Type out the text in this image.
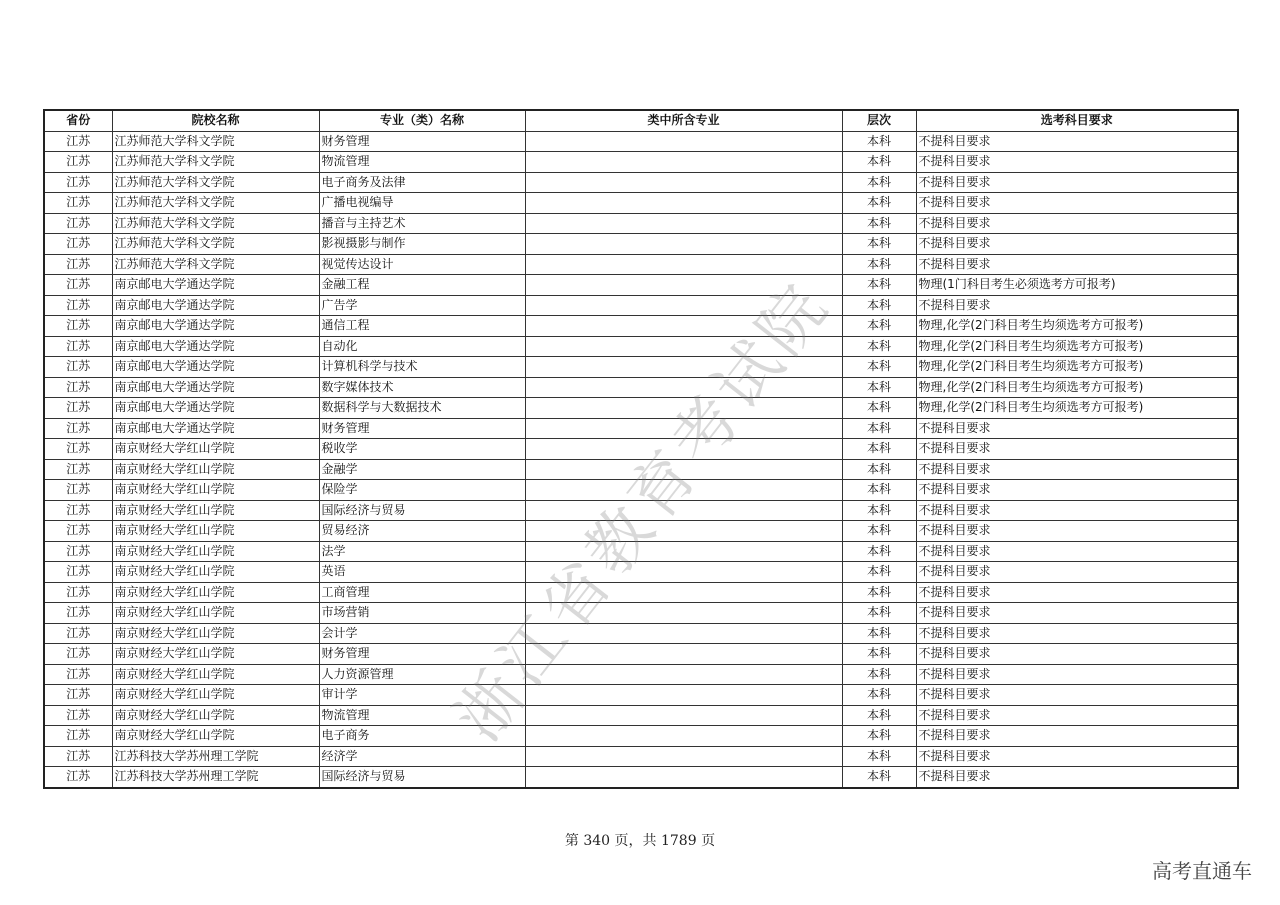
省份	院校名称	专业（类）名称	类中所含专业	层次	选考科目要求
江苏	江苏师范大学科文学院	财务管理		本科	不提科目要求
江苏	江苏师范大学科文学院	物流管理		本科	不提科目要求
江苏	江苏师范大学科文学院	电子商务及法律		本科	不提科目要求
江苏	江苏师范大学科文学院	广播电视编导		本科	不提科目要求
江苏	江苏师范大学科文学院	播音与主持艺术		本科	不提科目要求
江苏	江苏师范大学科文学院	影视摄影与制作		本科	不提科目要求
江苏	江苏师范大学科文学院	视觉传达设计		本科	不提科目要求
江苏	南京邮电大学通达学院	金融工程		本科	物理(1门科目考生必须选考方可报考)
江苏	南京邮电大学通达学院	广告学		本科	不提科目要求
江苏	南京邮电大学通达学院	通信工程		本科	物理,化学(2门科目考生均须选考方可报考)
江苏	南京邮电大学通达学院	自动化		本科	物理,化学(2门科目考生均须选考方可报考)
江苏	南京邮电大学通达学院	计算机科学与技术		本科	物理,化学(2门科目考生均须选考方可报考)
江苏	南京邮电大学通达学院	数字媒体技术		本科	物理,化学(2门科目考生均须选考方可报考)
江苏	南京邮电大学通达学院	数据科学与大数据技术		本科	物理,化学(2门科目考生均须选考方可报考)
江苏	南京邮电大学通达学院	财务管理		本科	不提科目要求
江苏	南京财经大学红山学院	税收学		本科	不提科目要求
江苏	南京财经大学红山学院	金融学		本科	不提科目要求
江苏	南京财经大学红山学院	保险学		本科	不提科目要求
江苏	南京财经大学红山学院	国际经济与贸易		本科	不提科目要求
江苏	南京财经大学红山学院	贸易经济		本科	不提科目要求
江苏	南京财经大学红山学院	法学		本科	不提科目要求
江苏	南京财经大学红山学院	英语		本科	不提科目要求
江苏	南京财经大学红山学院	工商管理		本科	不提科目要求
江苏	南京财经大学红山学院	市场营销		本科	不提科目要求
江苏	南京财经大学红山学院	会计学		本科	不提科目要求
江苏	南京财经大学红山学院	财务管理		本科	不提科目要求
江苏	南京财经大学红山学院	人力资源管理		本科	不提科目要求
江苏	南京财经大学红山学院	审计学		本科	不提科目要求
江苏	南京财经大学红山学院	物流管理		本科	不提科目要求
江苏	南京财经大学红山学院	电子商务		本科	不提科目要求
江苏	江苏科技大学苏州理工学院	经济学		本科	不提科目要求
江苏	江苏科技大学苏州理工学院	国际经济与贸易		本科	不提科目要求
浙江省教育考试院
第 340 页，共 1789 页
高考直通车
